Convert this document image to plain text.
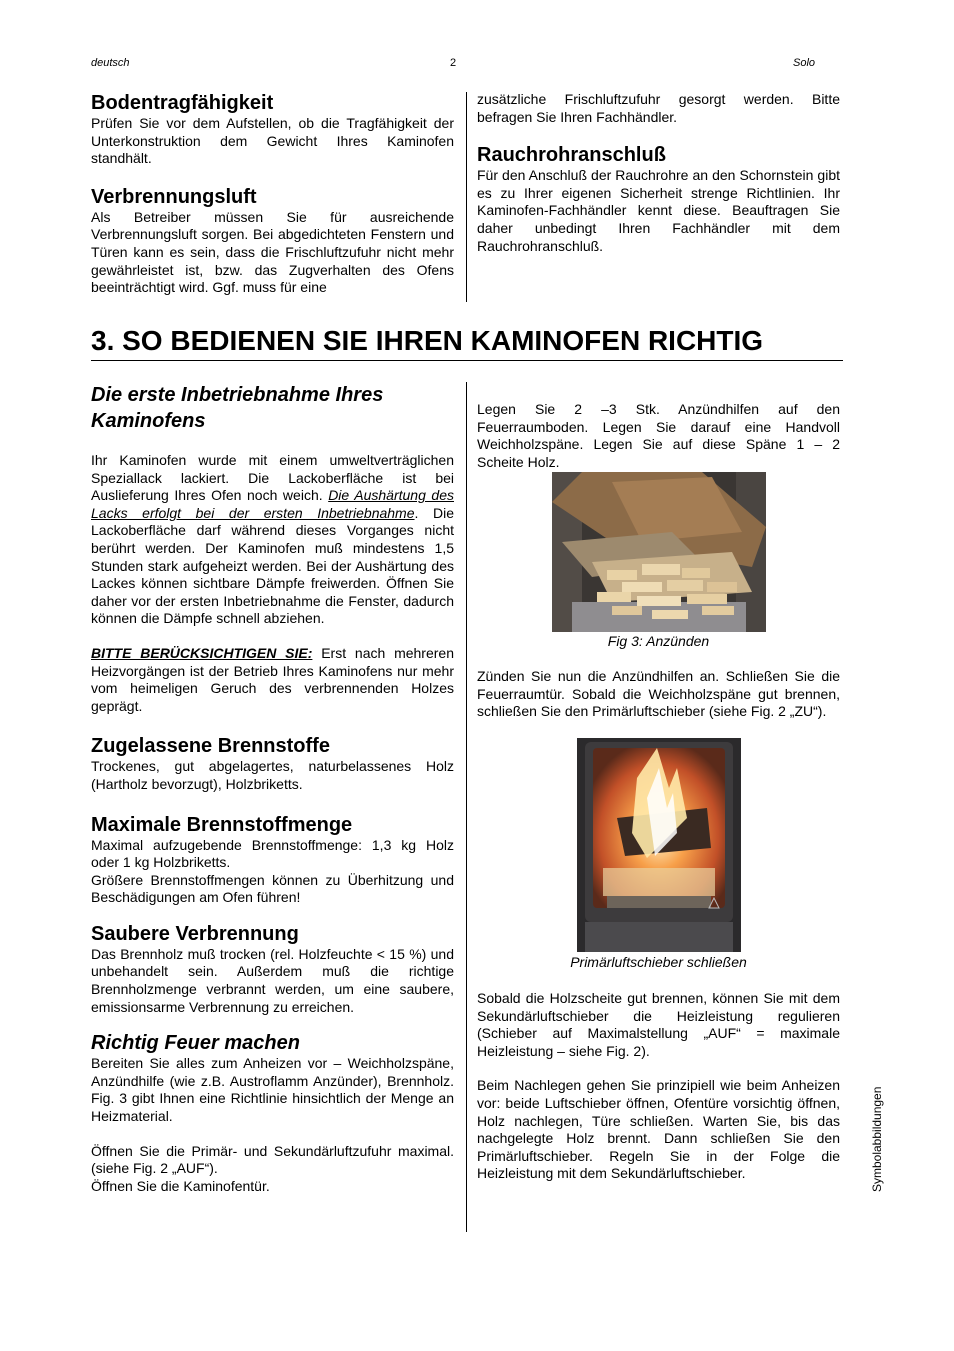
deutsch	2	Solo
Bodentragfähigkeit

Prüfen Sie vor dem Aufstellen, ob die Tragfähigkeit der Unterkonstruktion dem Gewicht Ihres Kaminofen standhält.

Verbrennungsluft

Als Betreiber müssen Sie für ausreichende Verbrennungsluft sorgen. Bei abgedichteten Fenstern und Türen kann es sein, dass die Frischluftzufuhr nicht mehr gewährleistet ist, bzw. das Zugverhalten des Ofens beeinträchtigt wird. Ggf. muss für eine

zusätzliche Frischluftzufuhr gesorgt werden. Bitte befragen Sie Ihren Fachhändler.

Rauchrohranschluß

Für den Anschluß der Rauchrohre an den Schornstein gibt es zu Ihrer eigenen Sicherheit strenge Richtlinien. Ihr Kaminofen-Fachhändler kennt diese. Beauftragen Sie daher unbedingt Ihren Fachhändler mit dem Rauchrohranschluß.

3. SO BEDIENEN SIE IHREN KAMINOFEN RICHTIG
Die erste Inbetriebnahme Ihres Kaminofens

Ihr Kaminofen wurde mit einem umweltverträglichen Speziallack lackiert. Die Lackoberfläche ist bei Auslieferung Ihres Ofen noch weich. Die Aushärtung des Lacks erfolgt bei der ersten Inbetriebnahme. Die Lackoberfläche darf während dieses Vorganges nicht berührt werden. Der Kaminofen muß mindestens 1,5 Stunden stark aufgeheizt werden. Bei der Aushärtung des Lackes können sichtbare Dämpfe freiwerden. Öffnen Sie daher vor der ersten Inbetriebnahme die Fenster, dadurch können die Dämpfe schnell abziehen.

BITTE BERÜCKSICHTIGEN SIE: Erst nach mehreren Heizvorgängen ist der Betrieb Ihres Kaminofens nur mehr vom heimeligen Geruch des verbrennenden Holzes geprägt.

Zugelassene Brennstoffe

Trockenes, gut abgelagertes, naturbelassenes Holz (Hartholz bevorzugt), Holzbriketts.

Maximale Brennstoffmenge

Maximal aufzugebende Brennstoffmenge: 1,3 kg Holz oder 1 kg Holzbriketts.

Größere Brennstoffmengen können zu Überhitzung und Beschädigungen am Ofen führen!

Saubere Verbrennung

Das Brennholz muß trocken (rel. Holzfeuchte < 15 %) und unbehandelt sein. Außerdem muß die richtige Brennholzmenge verbrannt werden, um eine saubere, emissionsarme Verbrennung zu erreichen.

Richtig Feuer machen

Bereiten Sie alles zum Anheizen vor – Weichholzspäne, Anzündhilfe (wie z.B. Austroflamm Anzünder), Brennholz. Fig. 3 gibt Ihnen eine Richtlinie hinsichtlich der Menge an Heizmaterial.

Öffnen Sie die Primär- und Sekundärluftzufuhr maximal. (siehe Fig. 2 „AUF“).

Öffnen Sie die Kaminofentür.

Legen Sie 2 –3 Stk. Anzündhilfen auf den Feuerraumboden. Legen Sie darauf eine Handvoll Weichholzspäne. Legen Sie auf diese Späne 1 – 2 Scheite Holz.

Fig 3: Anzünden

Zünden Sie nun die Anzündhilfen an. Schließen Sie die Feuerraumtür. Sobald die Weichholzspäne gut brennen, schließen Sie den Primärluftschieber (siehe Fig. 2 „ZU“).

Primärluftschieber schließen

Sobald die Holzscheite gut brennen, können Sie mit dem Sekundärluftschieber die Heizleistung regulieren (Schieber auf Maximalstellung „AUF“ = maximale Heizleistung – siehe Fig. 2).

Beim Nachlegen gehen Sie prinzipiell wie beim Anheizen vor: beide Luftschieber öffnen, Ofentüre vorsichtig öffnen, Holz nachlegen, Türe schließen. Warten Sie, bis das nachgelegte Holz brennt. Dann schließen Sie den Primärluftschieber. Regeln Sie in der Folge die Heizleistung mit dem Sekundärluftschieber.	Symbolabbildungen
